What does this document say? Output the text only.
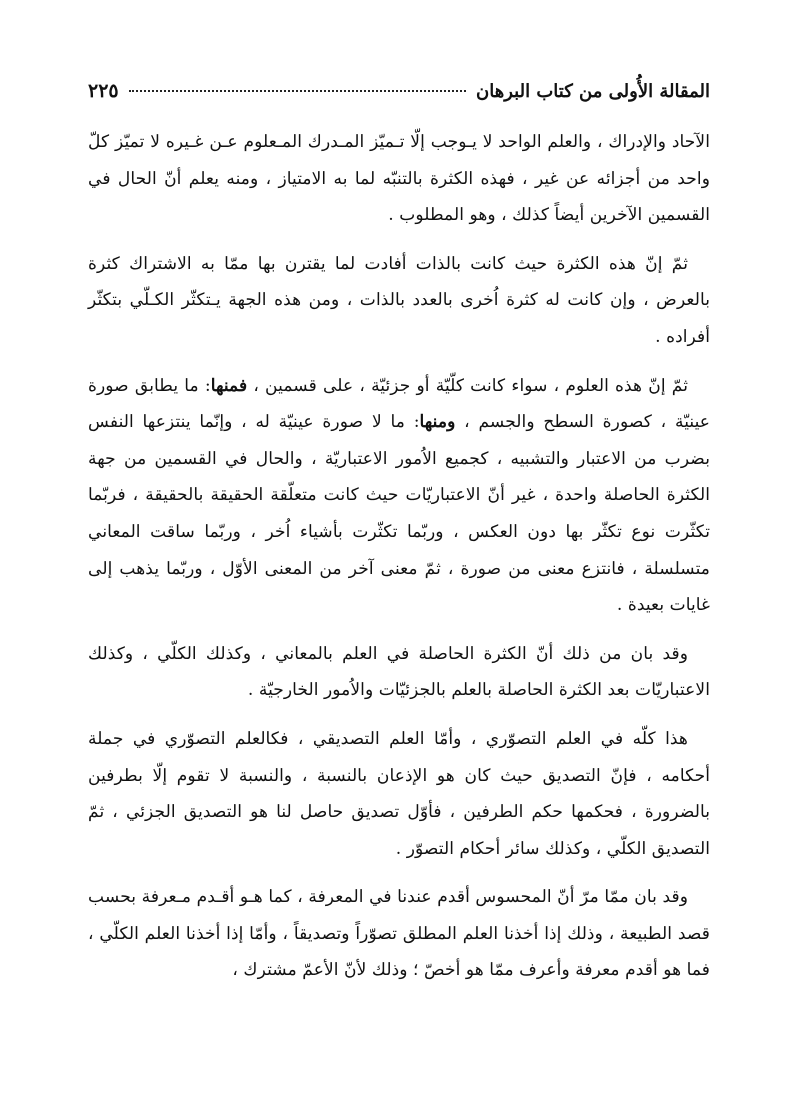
المقالة الأُولى من كتاب البرهان
٢٢٥

الآحاد والإدراك ، والعلم الواحد لا يـوجب إلّا تـميّز المـدرك المـعلوم عـن غـيره لا تميّز كلّ واحد من أجزائه عن غير ، فهذه الكثرة بالتنبّه لما به الامتياز ، ومنه يعلم أنّ الحال في القسمين الآخرين أيضاً كذلك ، وهو المطلوب .

ثمّ إنّ هذه الكثرة حيث كانت بالذات أفادت لما يقترن بها ممّا به الاشتراك كثرة بالعرض ، وإن كانت له كثرة اُخرى بالعدد بالذات ، ومن هذه الجهة يـتكثّر الكـلّي بتكثّر أفراده .

ثمّ إنّ هذه العلوم ، سواء كانت كلّيّة أو جزئيّة ، على قسمين ، فمنها: ما يطابق صورة عينيّة ، كصورة السطح والجسم ، ومنها: ما لا صورة عينيّة له ، وإنّما ينتزعها النفس بضرب من الاعتبار والتشبيه ، كجميع الاُمور الاعتباريّة ، والحال في القسمين من جهة الكثرة الحاصلة واحدة ، غير أنّ الاعتباريّات حيث كانت متعلّقة الحقيقة بالحقيقة ، فربّما تكثّرت نوع تكثّر بها دون العكس ، وربّما تكثّرت بأشياء اُخر ، وربّما ساقت المعاني متسلسلة ، فانتزع معنى من صورة ، ثمّ معنى آخر من المعنى الأوّل ، وربّما يذهب إلى غايات بعيدة .

وقد بان من ذلك أنّ الكثرة الحاصلة في العلم بالمعاني ، وكذلك الكلّي ، وكذلك الاعتباريّات بعد الكثرة الحاصلة بالعلم بالجزئيّات والاُمور الخارجيّة .

هذا كلّه في العلم التصوّري ، وأمّا العلم التصديقي ، فكالعلم التصوّري في جملة أحكامه ، فإنّ التصديق حيث كان هو الإذعان بالنسبة ، والنسبة لا تقوم إلّا بطرفين بالضرورة ، فحكمها حكم الطرفين ، فأوّل تصديق حاصل لنا هو التصديق الجزئي ، ثمّ التصديق الكلّي ، وكذلك سائر أحكام التصوّر .

وقد بان ممّا مرّ أنّ المحسوس أقدم عندنا في المعرفة ، كما هـو أقـدم مـعرفة بحسب قصد الطبيعة ، وذلك إذا أخذنا العلم المطلق تصوّراً وتصديقاً ، وأمّا إذا أخذنا العلم الكلّي ، فما هو أقدم معرفة وأعرف ممّا هو أخصّ ؛ وذلك لأنّ الأعمّ مشترك ،
